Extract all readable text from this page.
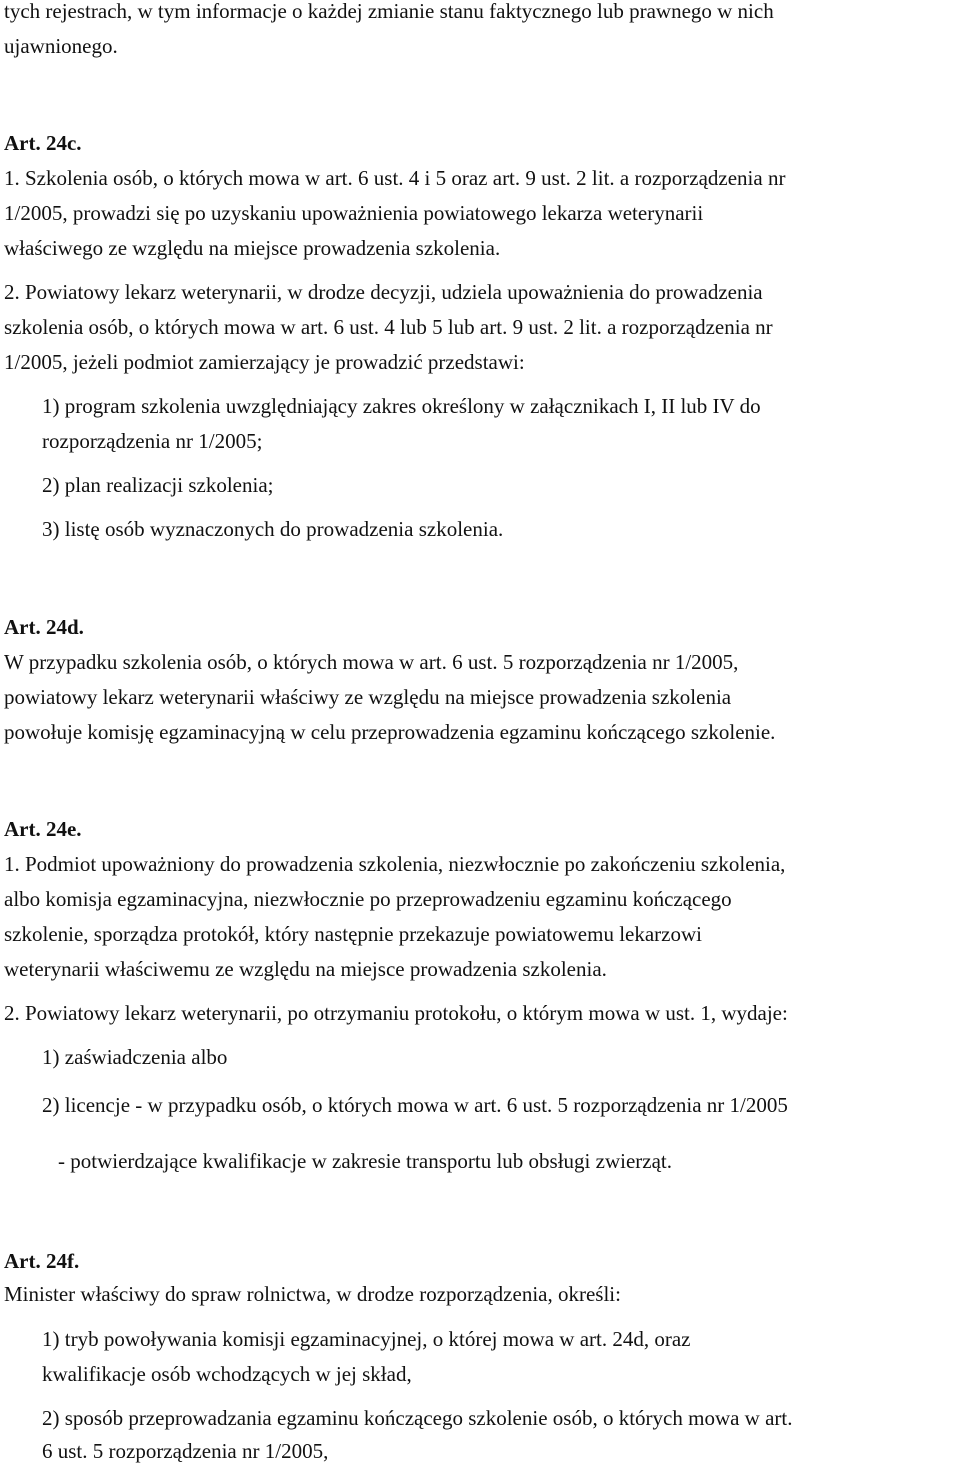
tych rejestrach, w tym informacje o każdej zmianie stanu faktycznego lub prawnego w nich
ujawnionego.
Art. 24c.
1. Szkolenia osób, o których mowa w art. 6 ust. 4 i 5 oraz art. 9 ust. 2 lit. a rozporządzenia nr
1/2005, prowadzi się po uzyskaniu upoważnienia powiatowego lekarza weterynarii
właściwego ze względu na miejsce prowadzenia szkolenia.
2. Powiatowy lekarz weterynarii, w drodze decyzji, udziela upoważnienia do prowadzenia
szkolenia osób, o których mowa w art. 6 ust. 4 lub 5 lub art. 9 ust. 2 lit. a rozporządzenia nr
1/2005, jeżeli podmiot zamierzający je prowadzić przedstawi:
1) program szkolenia uwzględniający zakres określony w załącznikach I, II lub IV do
rozporządzenia nr 1/2005;
2) plan realizacji szkolenia;
3) listę osób wyznaczonych do prowadzenia szkolenia.
Art. 24d.
W przypadku szkolenia osób, o których mowa w art. 6 ust. 5 rozporządzenia nr 1/2005,
powiatowy lekarz weterynarii właściwy ze względu na miejsce prowadzenia szkolenia
powołuje komisję egzaminacyjną w celu przeprowadzenia egzaminu kończącego szkolenie.
Art. 24e.
1. Podmiot upoważniony do prowadzenia szkolenia, niezwłocznie po zakończeniu szkolenia,
albo komisja egzaminacyjna, niezwłocznie po przeprowadzeniu egzaminu kończącego
szkolenie, sporządza protokół, który następnie przekazuje powiatowemu lekarzowi
weterynarii właściwemu ze względu na miejsce prowadzenia szkolenia.
2. Powiatowy lekarz weterynarii, po otrzymaniu protokołu, o którym mowa w ust. 1, wydaje:
1) zaświadczenia albo
2) licencje - w przypadku osób, o których mowa w art. 6 ust. 5 rozporządzenia nr 1/2005
- potwierdzające kwalifikacje w zakresie transportu lub obsługi zwierząt.
Art. 24f.
Minister właściwy do spraw rolnictwa, w drodze rozporządzenia, określi:
1) tryb powoływania komisji egzaminacyjnej, o której mowa w art. 24d, oraz
kwalifikacje osób wchodzących w jej skład,
2) sposób przeprowadzania egzaminu kończącego szkolenie osób, o których mowa w art.
6 ust. 5 rozporządzenia nr 1/2005,
